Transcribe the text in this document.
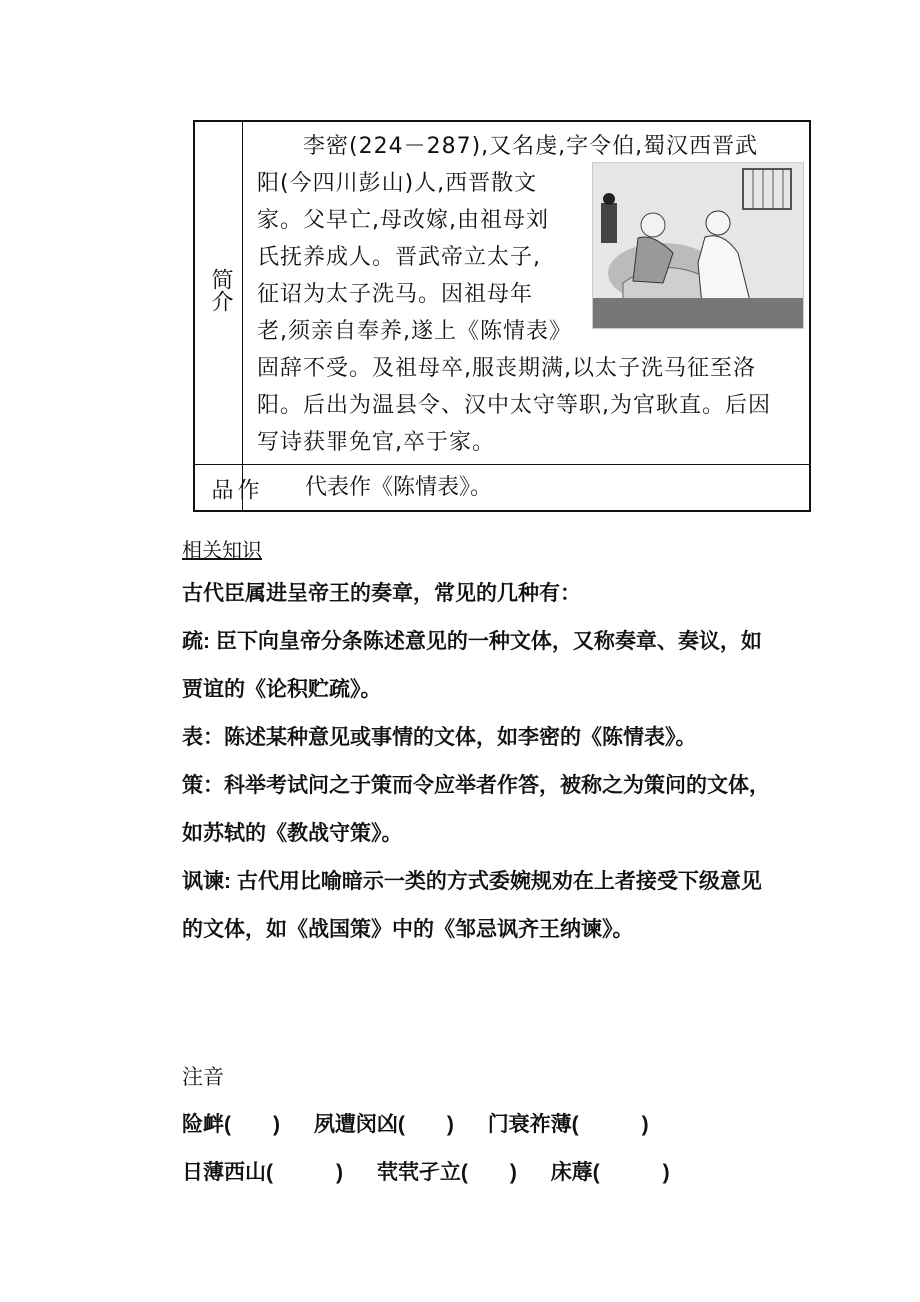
简介
作品
　　李密(224－287),又名虔,字令伯,蜀汉西晋武
阳(今四川彭山)人,西晋散文
家。父早亡,母改嫁,由祖母刘
氏抚养成人。晋武帝立太子,
征诏为太子洗马。因祖母年
老,须亲自奉养,遂上《陈情表》
固辞不受。及祖母卒,服丧期满,以太子洗马征至洛
阳。后出为温县令、汉中太守等职,为官耿直。后因
写诗获罪免官,卒于家。
代表作《陈情表》。
相关知识
古代臣属进呈帝王的奏章，常见的几种有：
疏: 臣下向皇帝分条陈述意见的一种文体，又称奏章、奏议，如贾谊的《论积贮疏》。
表：陈述某种意见或事情的文体，如李密的《陈情表》。
策：科举考试问之于策而令应举者作答，被称之为策问的文体，如苏轼的《教战守策》。
讽谏: 古代用比喻暗示一类的方式委婉规劝在上者接受下级意见的文体，如《战国策》中的《邹忌讽齐王纳谏》。
注音
险衅(　　) 夙遭闵凶(　　) 门衰祚薄(　　　)
日薄西山(　　　) 茕茕孑立(　　) 床蓐(　　　)
